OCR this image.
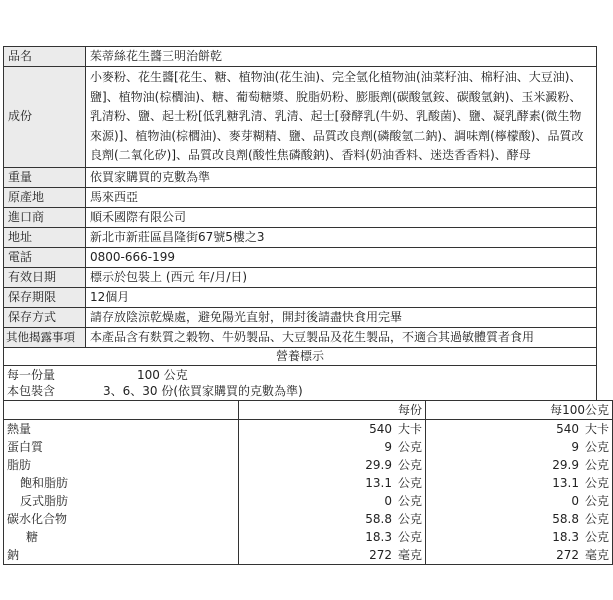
品名	茱蒂絲花生醬三明治餅乾
成份	小麥粉、花生醬[花生、糖、植物油(花生油)、完全氫化植物油(油菜籽油、棉籽油、大豆油)、鹽]、植物油(棕櫚油)、糖、葡萄糖漿、脫脂奶粉、膨脹劑(碳酸氫銨、碳酸氫鈉)、玉米澱粉、乳清粉、鹽、起士粉[低乳糖乳清、乳清、起士[發酵乳(牛奶、乳酸菌)、鹽、凝乳酵素(微生物來源)]、植物油(棕櫚油)、麥芽糊精、鹽、品質改良劑(磷酸氫二鈉)、調味劑(檸檬酸)、品質改良劑(二氧化矽)]、品質改良劑(酸性焦磷酸鈉)、香料(奶油香料、迷迭香香料)、酵母
重量	依買家購買的克數為準
原產地	馬來西亞
進口商	順禾國際有限公司
地址	新北市新莊區昌隆街67號5樓之3
電話	0800-666-199
有效日期	標示於包裝上 (西元 年/月/日)
保存期限	12個月
保存方式	請存放陰涼乾燥處，避免陽光直射，開封後請盡快食用完畢
其他揭露事項	本產品含有麩質之穀物、牛奶製品、大豆製品及花生製品，不適合其過敏體質者食用
營養標示
每一份量	100 公克
本包裝含	3、6、30 份(依買家購買的克數為準)
	每份	每100公克
熱量	540 大卡	540 大卡
蛋白質	9 公克	9 公克
脂肪	29.9 公克	29.9 公克
飽和脂肪	13.1 公克	13.1 公克
反式脂肪	0 公克	0 公克
碳水化合物	58.8 公克	58.8 公克
糖	18.3 公克	18.3 公克
鈉	272 毫克	272 毫克
